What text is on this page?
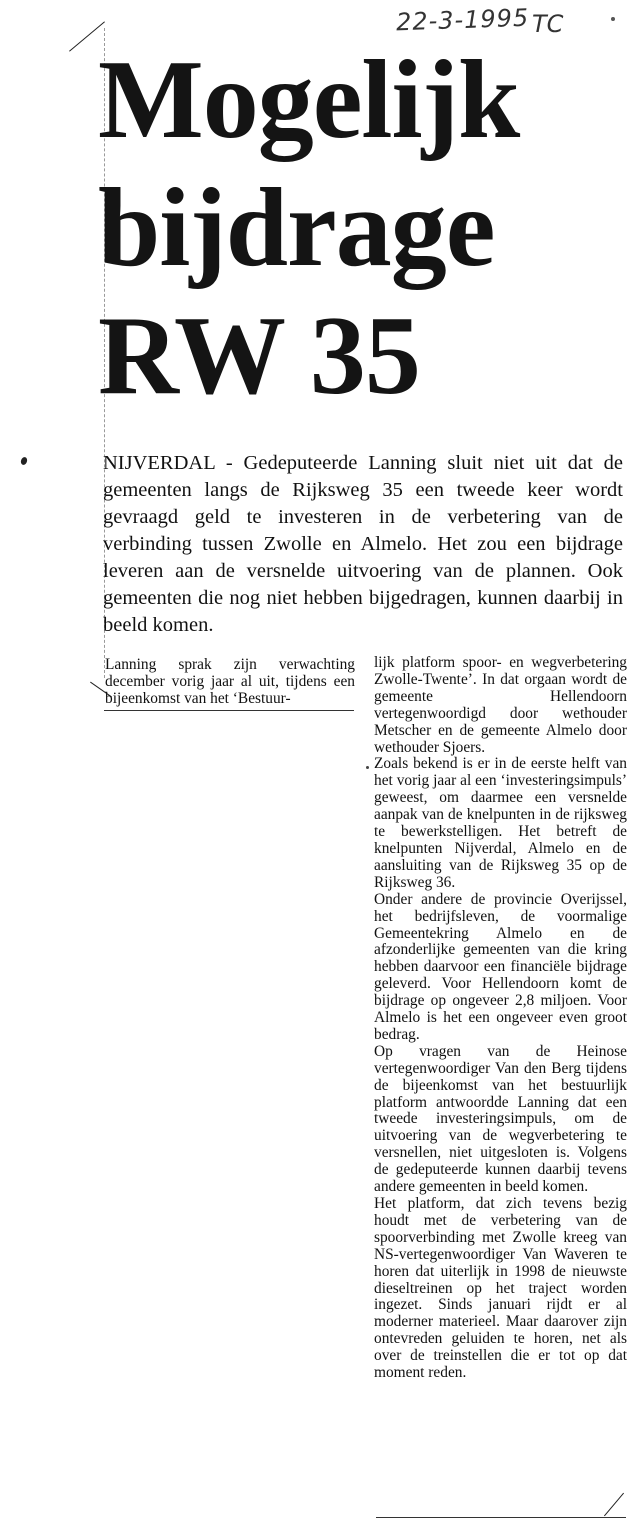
22-3-1995 TC
Mogelijk
bijdrage
RW 35

NIJVERDAL - Gedeputeerde Lanning sluit niet uit dat de gemeenten langs de Rijksweg 35 een tweede keer wordt gevraagd geld te investeren in de verbetering van de verbinding tussen Zwolle en Almelo. Het zou een bijdrage leveren aan de versnelde uitvoering van de plannen. Ook gemeenten die nog niet hebben bijgedragen, kunnen daarbij in beeld komen.

Lanning sprak zijn verwachting december vorig jaar al uit, tijdens een bijeenkomst van het ‘Bestuur-

lijk platform spoor- en wegverbetering Zwolle-Twente’. In dat orgaan wordt de gemeente Hellendoorn vertegenwoordigd door wethouder Metscher en de gemeente Almelo door wethouder Sjoers.

Zoals bekend is er in de eerste helft van het vorig jaar al een ‘investeringsimpuls’ geweest, om daarmee een versnelde aanpak van de knelpunten in de rijksweg te bewerkstelligen. Het betreft de knelpunten Nijverdal, Almelo en de aansluiting van de Rijksweg 35 op de Rijksweg 36.

Onder andere de provincie Overijssel, het bedrijfsleven, de voormalige Gemeentekring Almelo en de afzonderlijke gemeenten van die kring hebben daarvoor een financiële bijdrage geleverd. Voor Hellendoorn komt de bijdrage op ongeveer 2,8 miljoen. Voor Almelo is het een ongeveer even groot bedrag.

Op vragen van de Heinose vertegenwoordiger Van den Berg tijdens de bijeenkomst van het bestuurlijk platform antwoordde Lanning dat een tweede investeringsimpuls, om de uitvoering van de wegverbetering te versnellen, niet uitgesloten is. Volgens de gedeputeerde kunnen daarbij tevens andere gemeenten in beeld komen.

Het platform, dat zich tevens bezig houdt met de verbetering van de spoorverbinding met Zwolle kreeg van NS-vertegenwoordiger Van Waveren te horen dat uiterlijk in 1998 de nieuwste dieseltreinen op het traject worden ingezet. Sinds januari rijdt er al moderner materieel. Maar daarover zijn ontevreden geluiden te horen, net als over de treinstellen die er tot op dat moment reden.
